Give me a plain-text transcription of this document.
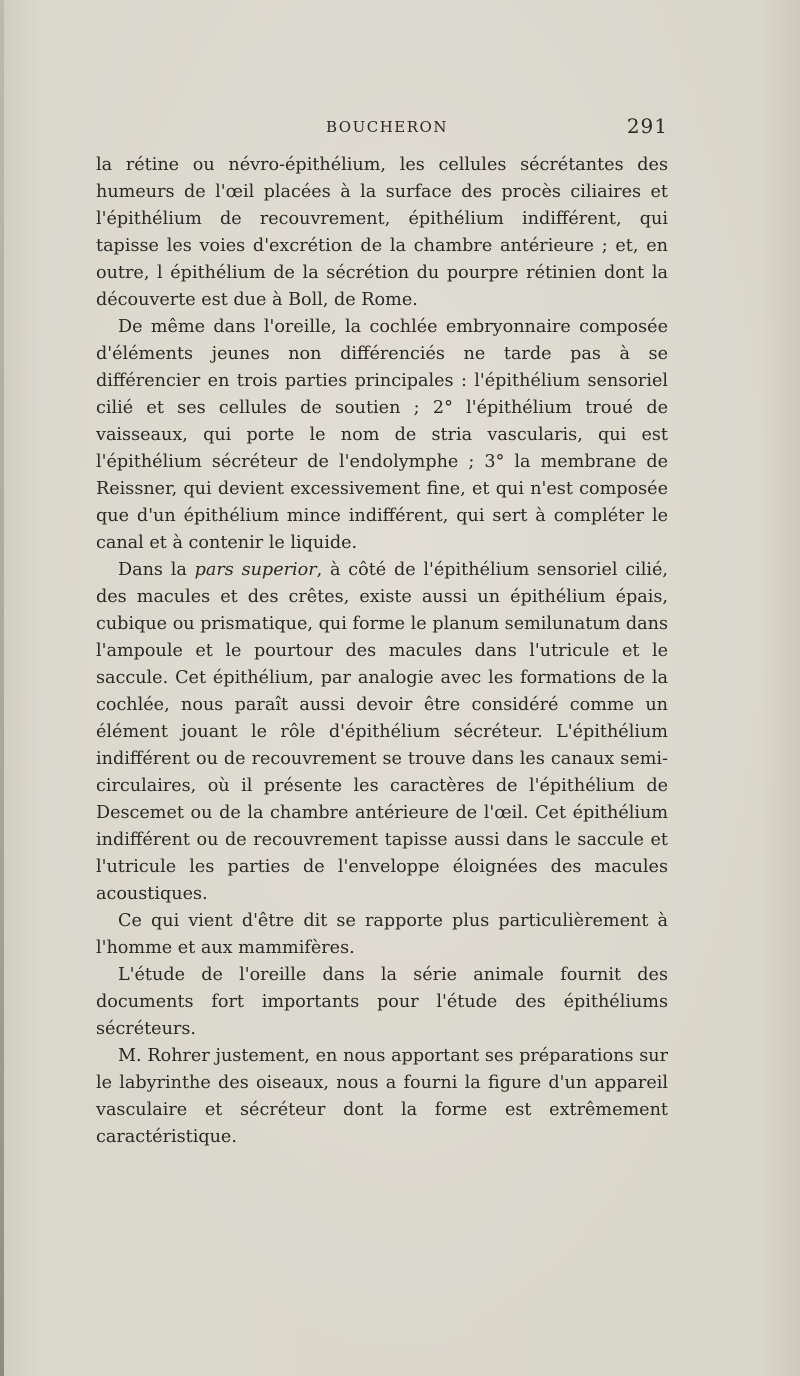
BOUCHERON	291

la rétine ou névro-épithélium, les cellules sécrétantes des humeurs de l'œil placées à la surface des procès ciliaires et l'épithélium de recouvrement, épithélium indifférent, qui tapisse les voies d'excrétion de la chambre antérieure ; et, en outre, l épithélium de la sécrétion du pourpre rétinien dont la découverte est due à Boll, de Rome.

De même dans l'oreille, la cochlée embryonnaire composée d'éléments jeunes non différenciés ne tarde pas à se différencier en trois parties principales : l'épithélium sensoriel cilié et ses cellules de soutien ; 2° l'épithélium troué de vaisseaux, qui porte le nom de stria vascularis, qui est l'épithélium sécréteur de l'endolymphe ; 3° la membrane de Reissner, qui devient excessivement fine, et qui n'est composée que d'un épithélium mince indifférent, qui sert à compléter le canal et à contenir le liquide.

Dans la pars superior, à côté de l'épithélium sensoriel cilié, des macules et des crêtes, existe aussi un épithélium épais, cubique ou prismatique, qui forme le planum semilunatum dans l'ampoule et le pourtour des macules dans l'utricule et le saccule. Cet épithélium, par analogie avec les formations de la cochlée, nous paraît aussi devoir être considéré comme un élément jouant le rôle d'épithélium sécréteur. L'épithélium indifférent ou de recouvrement se trouve dans les canaux semi-circulaires, où il présente les caractères de l'épithélium de Descemet ou de la chambre antérieure de l'œil. Cet épithélium indifférent ou de recouvrement tapisse aussi dans le saccule et l'utricule les parties de l'enveloppe éloignées des macules acoustiques.

Ce qui vient d'être dit se rapporte plus particulièrement à l'homme et aux mammifères.

L'étude de l'oreille dans la série animale fournit des documents fort importants pour l'étude des épithéliums sécréteurs.

M. Rohrer justement, en nous apportant ses préparations sur le labyrinthe des oiseaux, nous a fourni la figure d'un appareil vasculaire et sécréteur dont la forme est extrêmement caractéristique.
